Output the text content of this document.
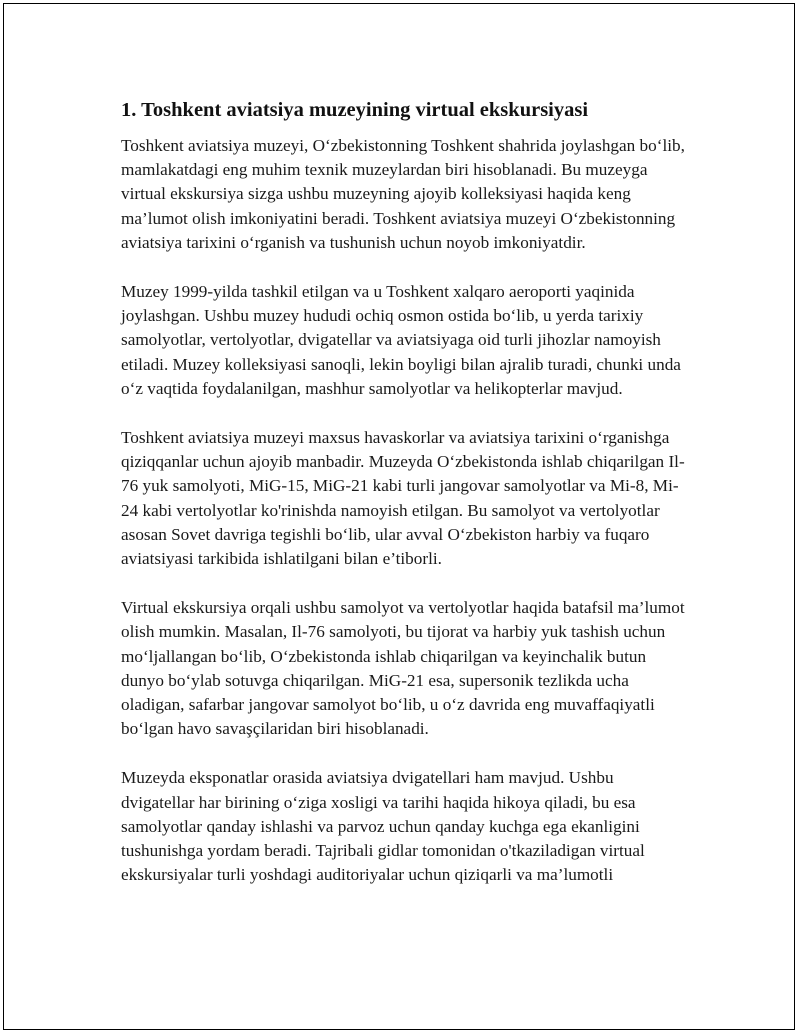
1. Toshkent aviatsiya muzeyining virtual ekskursiyasi

Toshkent aviatsiya muzeyi, O‘zbekistonning Toshkent shahrida joylashgan bo‘lib, mamlakatdagi eng muhim texnik muzeylardan biri hisoblanadi. Bu muzeyga virtual ekskursiya sizga ushbu muzeyning ajoyib kolleksiyasi haqida keng ma’lumot olish imkoniyatini beradi. Toshkent aviatsiya muzeyi O‘zbekistonning aviatsiya tarixini o‘rganish va tushunish uchun noyob imkoniyatdir.

Muzey 1999-yilda tashkil etilgan va u Toshkent xalqaro aeroporti yaqinida joylashgan. Ushbu muzey hududi ochiq osmon ostida bo‘lib, u yerda tarixiy samolyotlar, vertolyotlar, dvigatellar va aviatsiyaga oid turli jihozlar namoyish etiladi. Muzey kolleksiyasi sanoqli, lekin boyligi bilan ajralib turadi, chunki unda o‘z vaqtida foydalanilgan, mashhur samolyotlar va helikopterlar mavjud.

Toshkent aviatsiya muzeyi maxsus havaskorlar va aviatsiya tarixini o‘rganishga qiziqqanlar uchun ajoyib manbadir. Muzeyda O‘zbekistonda ishlab chiqarilgan Il-76 yuk samolyoti, MiG-15, MiG-21 kabi turli jangovar samolyotlar va Mi-8, Mi-24 kabi vertolyotlar ko'rinishda namoyish etilgan. Bu samolyot va vertolyotlar asosan Sovet davriga tegishli bo‘lib, ular avval O‘zbekiston harbiy va fuqaro aviatsiyasi tarkibida ishlatilgani bilan e’tiborli.

Virtual ekskursiya orqali ushbu samolyot va vertolyotlar haqida batafsil ma’lumot olish mumkin. Masalan, Il-76 samolyoti, bu tijorat va harbiy yuk tashish uchun mo‘ljallangan bo‘lib, O‘zbekistonda ishlab chiqarilgan va keyinchalik butun dunyo bo‘ylab sotuvga chiqarilgan. MiG-21 esa, supersonik tezlikda ucha oladigan, safarbar jangovar samolyot bo‘lib, u o‘z davrida eng muvaffaqiyatli bo‘lgan havo savaşçilaridan biri hisoblanadi.

Muzeyda eksponatlar orasida aviatsiya dvigatellari ham mavjud. Ushbu dvigatellar har birining o‘ziga xosligi va tarihi haqida hikoya qiladi, bu esa samolyotlar qanday ishlashi va parvoz uchun qanday kuchga ega ekanligini tushunishga yordam beradi. Tajribali gidlar tomonidan o'tkaziladigan virtual ekskursiyalar turli yoshdagi auditoriyalar uchun qiziqarli va ma’lumotli
